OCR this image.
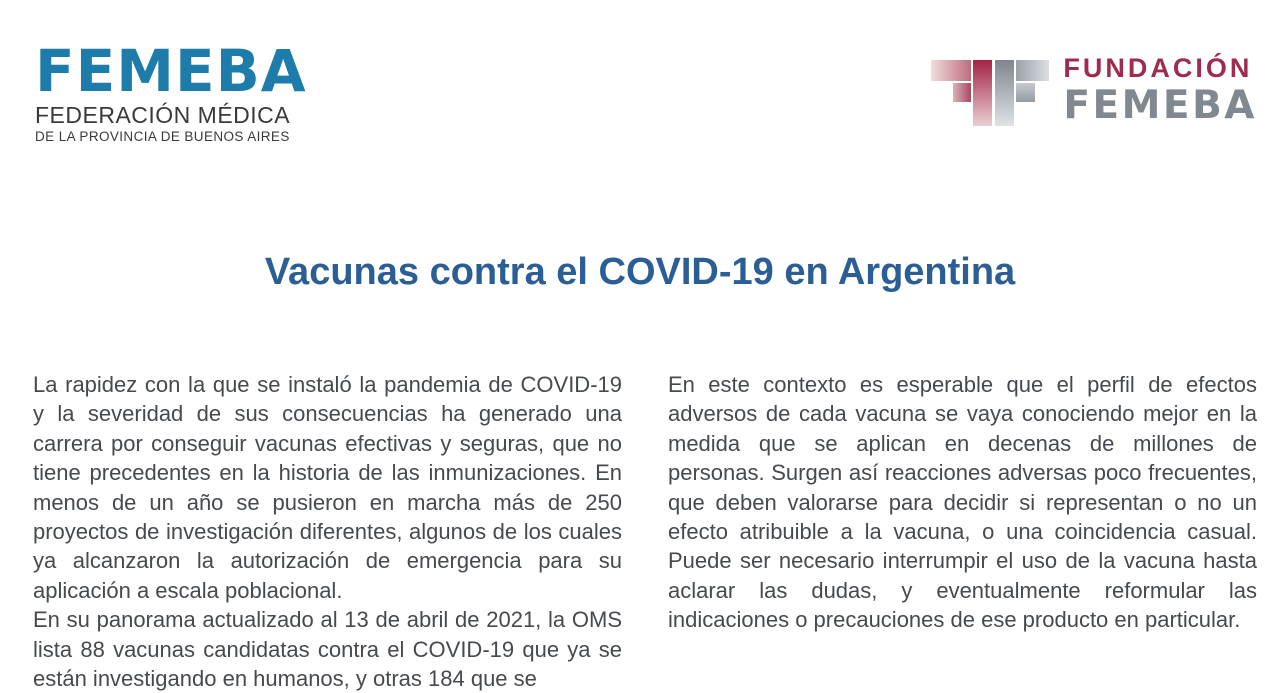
FEMEBA
FEDERACIÓN MÉDICA
DE LA PROVINCIA DE BUENOS AIRES
FUNDACIÓN
FEMEBA
Vacunas contra el COVID-19 en Argentina

La rapidez con la que se instaló la pandemia de COVID-19 y la severidad de sus consecuencias ha generado una carrera por conseguir vacunas efectivas y seguras, que no tiene precedentes en la historia de las inmunizaciones. En menos de un año se pusieron en marcha más de 250 proyectos de investigación diferentes, algunos de los cuales ya alcanzaron la autorización de emergencia para su aplicación a escala poblacional.

En su panorama actualizado al 13 de abril de 2021, la OMS lista 88 vacunas candidatas contra el COVID-19 que ya se están investigando en humanos, y otras 184 que se

En este contexto es esperable que el perfil de efectos adversos de cada vacuna se vaya conociendo mejor en la medida que se aplican en decenas de millones de personas. Surgen así reacciones adversas poco frecuentes, que deben valorarse para decidir si representan o no un efecto atribuible a la vacuna, o una coincidencia casual. Puede ser necesario interrumpir el uso de la vacuna hasta aclarar las dudas, y eventualmente reformular las indicaciones o precauciones de ese producto en particular.
